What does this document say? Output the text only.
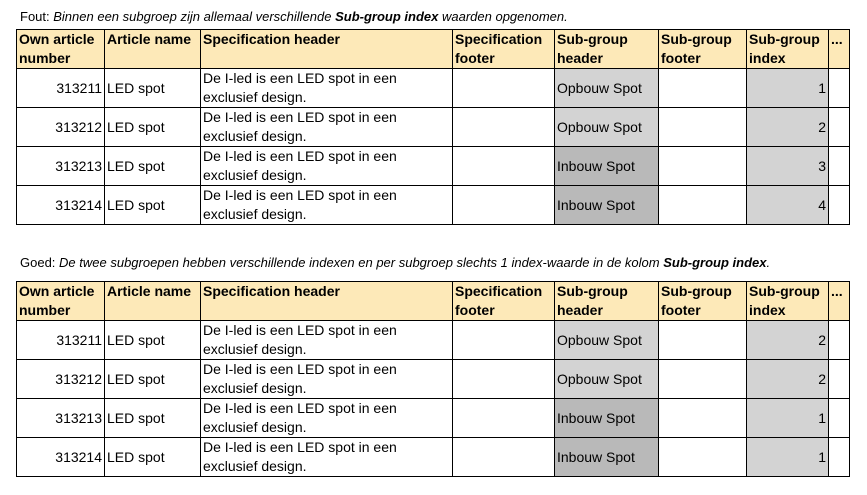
Fout: Binnen een subgroep zijn allemaal verschillende Sub-group index waarden opgenomen.
Own article number	Article name	Specification header	Specification footer	Sub-group header	Sub-group footer	Sub-group index	...
313211	LED spot	De I-led is een LED spot in een exclusief design.		Opbouw Spot		1	
313212	LED spot	De I-led is een LED spot in een exclusief design.		Opbouw Spot		2	
313213	LED spot	De I-led is een LED spot in een exclusief design.		Inbouw Spot		3	
313214	LED spot	De I-led is een LED spot in een exclusief design.		Inbouw Spot		4	
Goed: De twee subgroepen hebben verschillende indexen en per subgroep slechts 1 index-waarde in de kolom Sub-group index.
Own article number	Article name	Specification header	Specification footer	Sub-group header	Sub-group footer	Sub-group index	...
313211	LED spot	De I-led is een LED spot in een exclusief design.		Opbouw Spot		2	
313212	LED spot	De I-led is een LED spot in een exclusief design.		Opbouw Spot		2	
313213	LED spot	De I-led is een LED spot in een exclusief design.		Inbouw Spot		1	
313214	LED spot	De I-led is een LED spot in een exclusief design.		Inbouw Spot		1	
